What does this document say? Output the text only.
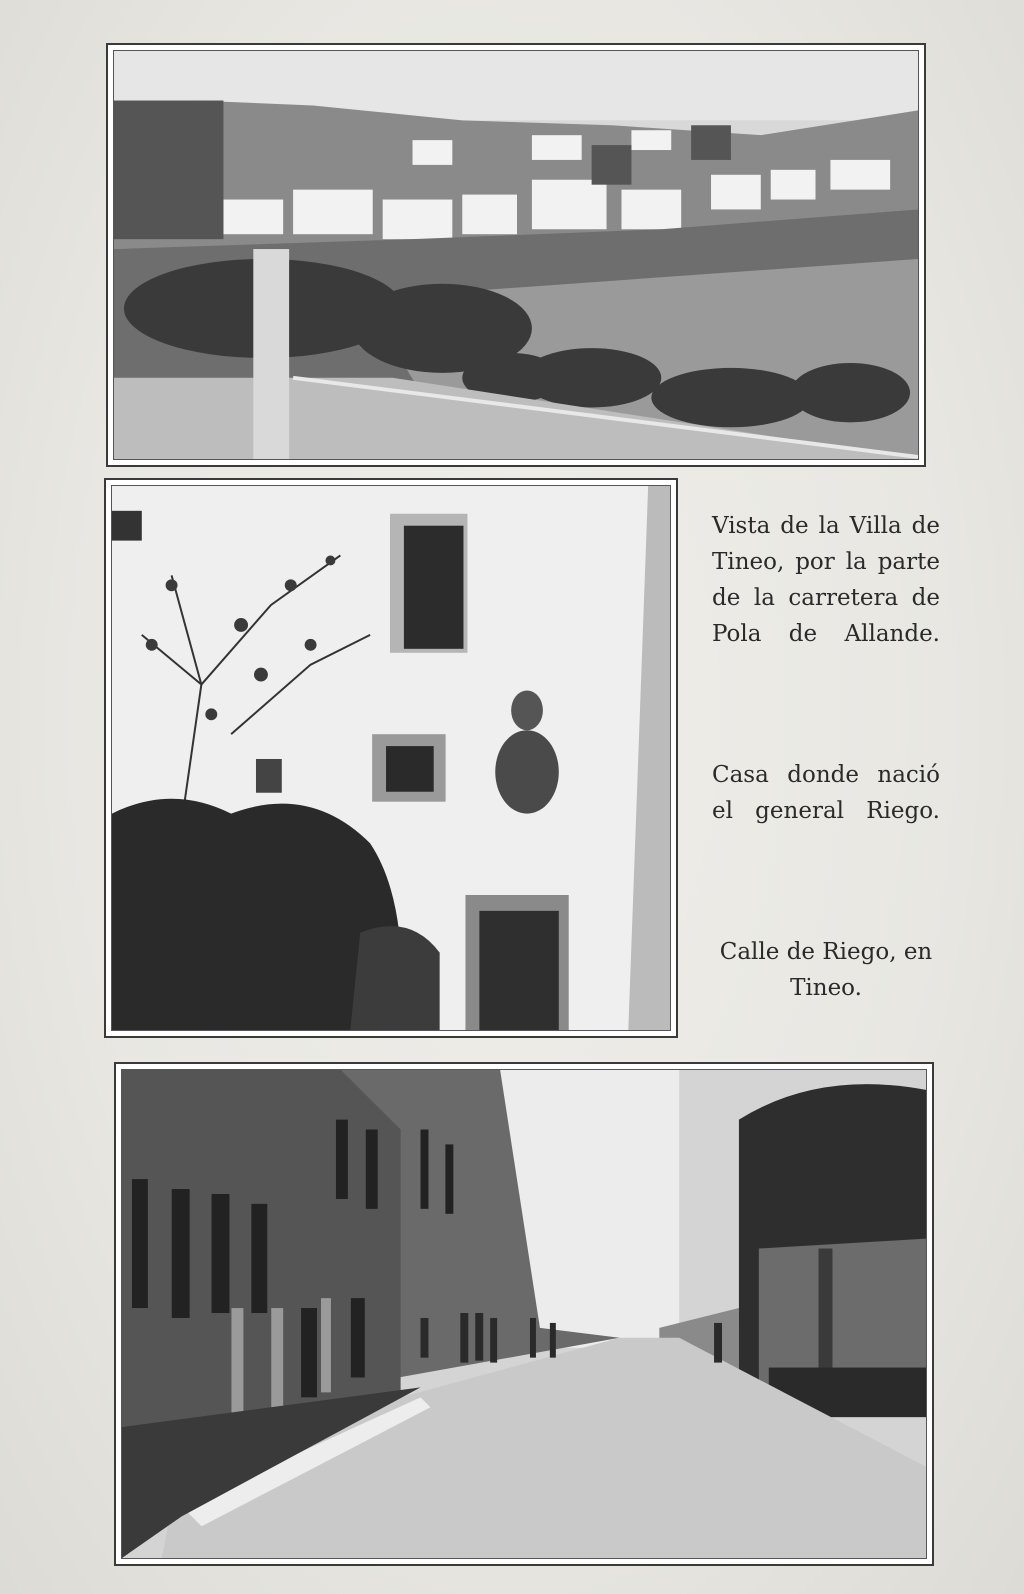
Vista de la Villa de
Tineo, por la parte
de la carretera de
Pola de Allande.
Casa donde nació
el general Riego.
Calle de Riego, en
Tineo.
